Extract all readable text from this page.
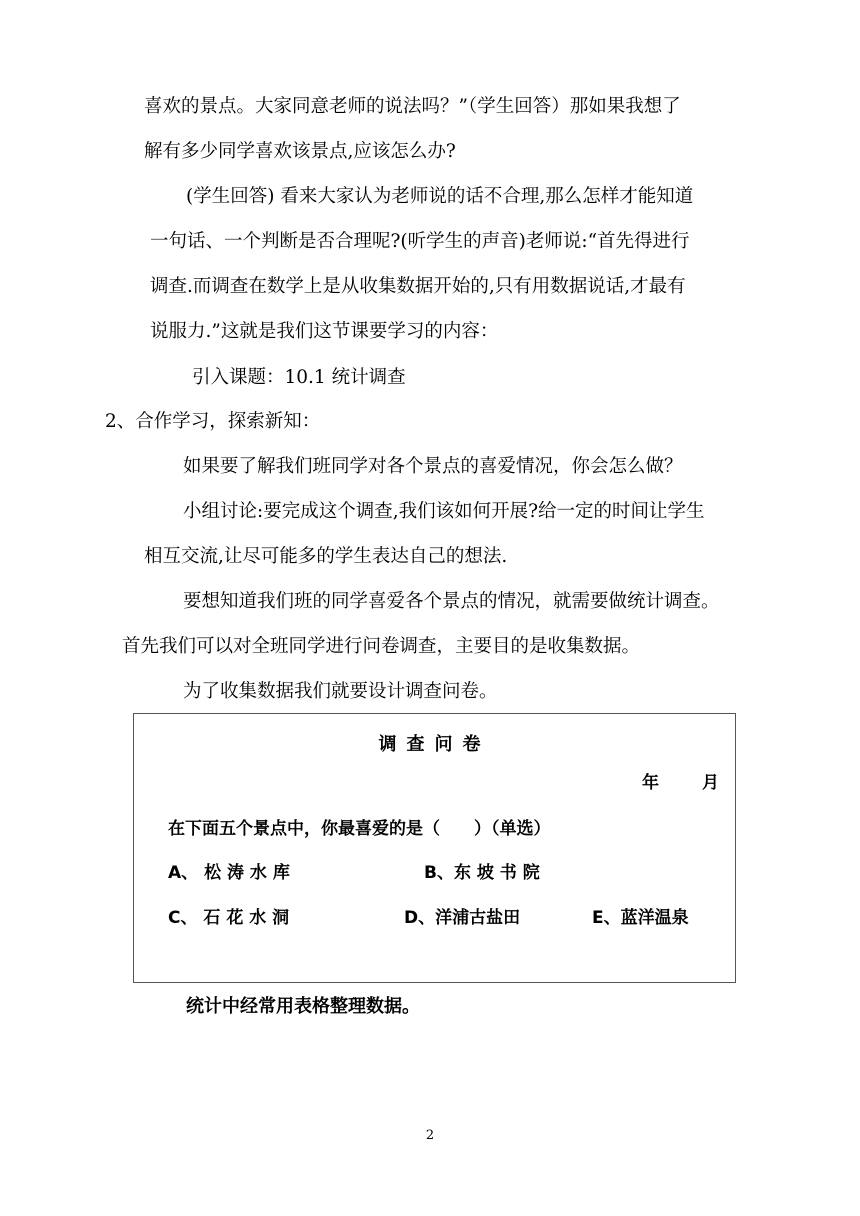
喜欢的景点。大家同意老师的说法吗？”（学生回答）那如果我想了
解有多少同学喜欢该景点,应该怎么办?
(学生回答) 看来大家认为老师说的话不合理,那么怎样才能知道
一句话、一个判断是否合理呢?(听学生的声音)老师说:“首先得进行
调查.而调查在数学上是从收集数据开始的,只有用数据说话,才最有
说服力.”这就是我们这节课要学习的内容：
引入课题：10.1 统计调查
2、合作学习，探索新知：
如果要了解我们班同学对各个景点的喜爱情况，你会怎么做？
小组讨论:要完成这个调查,我们该如何开展?给一定的时间让学生
相互交流,让尽可能多的学生表达自己的想法.
要想知道我们班的同学喜爱各个景点的情况，就需要做统计调查。
首先我们可以对全班同学进行问卷调查，主要目的是收集数据。
为了收集数据我们就要设计调查问卷。
调查问卷
年	月
在下面五个景点中，你最喜爱的是（　　）（单选）
A、 松 涛 水 库	B、东 坡 书 院
C、 石 花 水 洞	D、洋浦古盐田	E、蓝洋温泉
统计中经常用表格整理数据。
2
